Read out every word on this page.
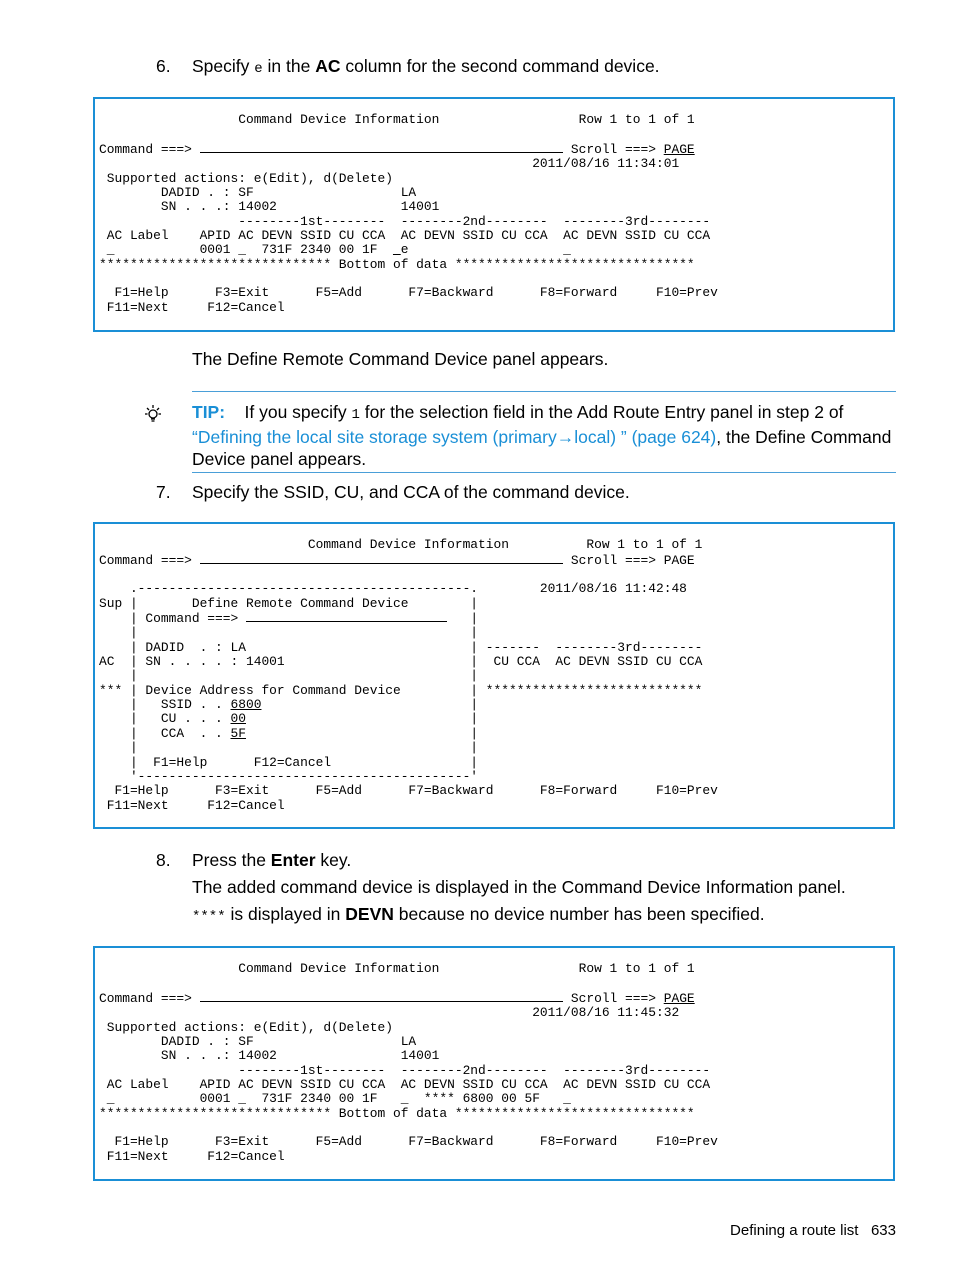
6. Specify e in the AC column for the second command device.

Command Device Information                  Row 1 to 1 of 1

Command ===>	Scroll ===> PAGE
2011/08/16 11:34:01
Supported actions: e(Edit), d(Delete)
DADID . : SF                   LA
SN . . .: 14002                14001
--------1st--------  --------2nd--------  --------3rd--------
AC Label    APID AC DEVN SSID CU CCA  AC DEVN SSID CU CCA  AC DEVN SSID CU CCA
_           0001 _  731F 2340 00 1F   e                    _
****************************** Bottom of data *******************************

F1=Help      F3=Exit      F5=Add      F7=Backward      F8=Forward     F10=Prev
F11=Next     F12=Cancel
The Define Remote Command Device panel appears.
TIP: If you specify 1 for the selection field in the Add Route Entry panel in step 2 of “Defining the local site storage system (primary→local) ” (page 624), the Define Command Device panel appears.
7. Specify the SSID, CU, and CCA of the command device.

Command Device Information          Row 1 to 1 of 1
Command ===>	Scroll ===> PAGE

.-------------------------------------------.        2011/08/16 11:42:48
Sup |       Define Remote Command Device        |
| Command ===>	|
|                                           |
| DADID  . : LA                             | -------  --------3rd--------
AC  | SN . . . . : 14001                        |  CU CCA  AC DEVN SSID CU CCA
|                                           |
*** | Device Address for Command Device         | ****************************
|   SSID . . 6800	|
|   CU . . . 00	|
|   CCA  . . 5F	|
|                                           |
|  F1=Help      F12=Cancel                  |
'-------------------------------------------'
F1=Help      F3=Exit      F5=Add      F7=Backward      F8=Forward     F10=Prev
F11=Next     F12=Cancel
8. Press the Enter key.
The added command device is displayed in the Command Device Information panel.
**** is displayed in DEVN because no device number has been specified.

Command Device Information                  Row 1 to 1 of 1

Command ===>	Scroll ===> PAGE
2011/08/16 11:45:32
Supported actions: e(Edit), d(Delete)
DADID . : SF                   LA
SN . . .: 14002                14001
--------1st--------  --------2nd--------  --------3rd--------
AC Label    APID AC DEVN SSID CU CCA  AC DEVN SSID CU CCA  AC DEVN SSID CU CCA
_           0001 _  731F 2340 00 1F   _  **** 6800 00 5F   _
****************************** Bottom of data *******************************

F1=Help      F3=Exit      F5=Add      F7=Backward      F8=Forward     F10=Prev
F11=Next     F12=Cancel
Defining a route list 633
